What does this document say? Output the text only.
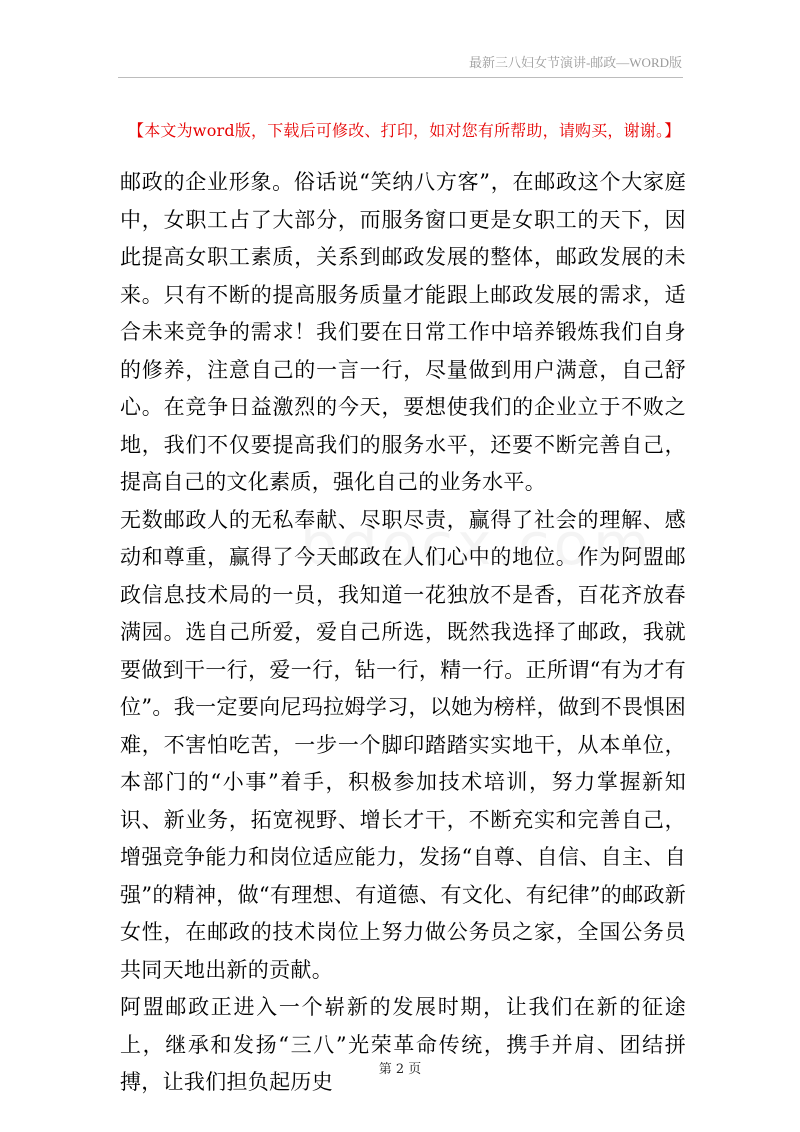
最新三八妇女节演讲-邮政—WORD版
【本文为word版，下载后可修改、打印，如对您有所帮助，请购买，谢谢。】

邮政的企业形象。俗话说“笑纳八方客”，在邮政这个大家庭中，女职工占了大部分，而服务窗口更是女职工的天下，因此提高女职工素质，关系到邮政发展的整体，邮政发展的未来。只有不断的提高服务质量才能跟上邮政发展的需求，适合未来竞争的需求！我们要在日常工作中培养锻炼我们自身的修养，注意自己的一言一行，尽量做到用户满意，自己舒心。在竞争日益激烈的今天，要想使我们的企业立于不败之地，我们不仅要提高我们的服务水平，还要不断完善自己，提高自己的文化素质，强化自己的业务水平。

无数邮政人的无私奉献、尽职尽责，赢得了社会的理解、感动和尊重，赢得了今天邮政在人们心中的地位。作为阿盟邮政信息技术局的一员，我知道一花独放不是香，百花齐放春满园。选自己所爱，爱自己所选，既然我选择了邮政，我就要做到干一行，爱一行，钻一行，精一行。正所谓“有为才有位”。我一定要向尼玛拉姆学习，以她为榜样，做到不畏惧困难，不害怕吃苦，一步一个脚印踏踏实实地干，从本单位，本部门的“小事”着手，积极参加技术培训，努力掌握新知识、新业务，拓宽视野、增长才干，不断充实和完善自己，增强竞争能力和岗位适应能力，发扬“自尊、自信、自主、自强”的精神，做“有理想、有道德、有文化、有纪律”的邮政新女性，在邮政的技术岗位上努力做公务员之家，全国公务员共同天地出新的贡献。

阿盟邮政正进入一个崭新的发展时期，让我们在新的征途上，继承和发扬“三八”光荣革命传统，携手并肩、团结拼搏，让我们担负起历史

第 2 页
